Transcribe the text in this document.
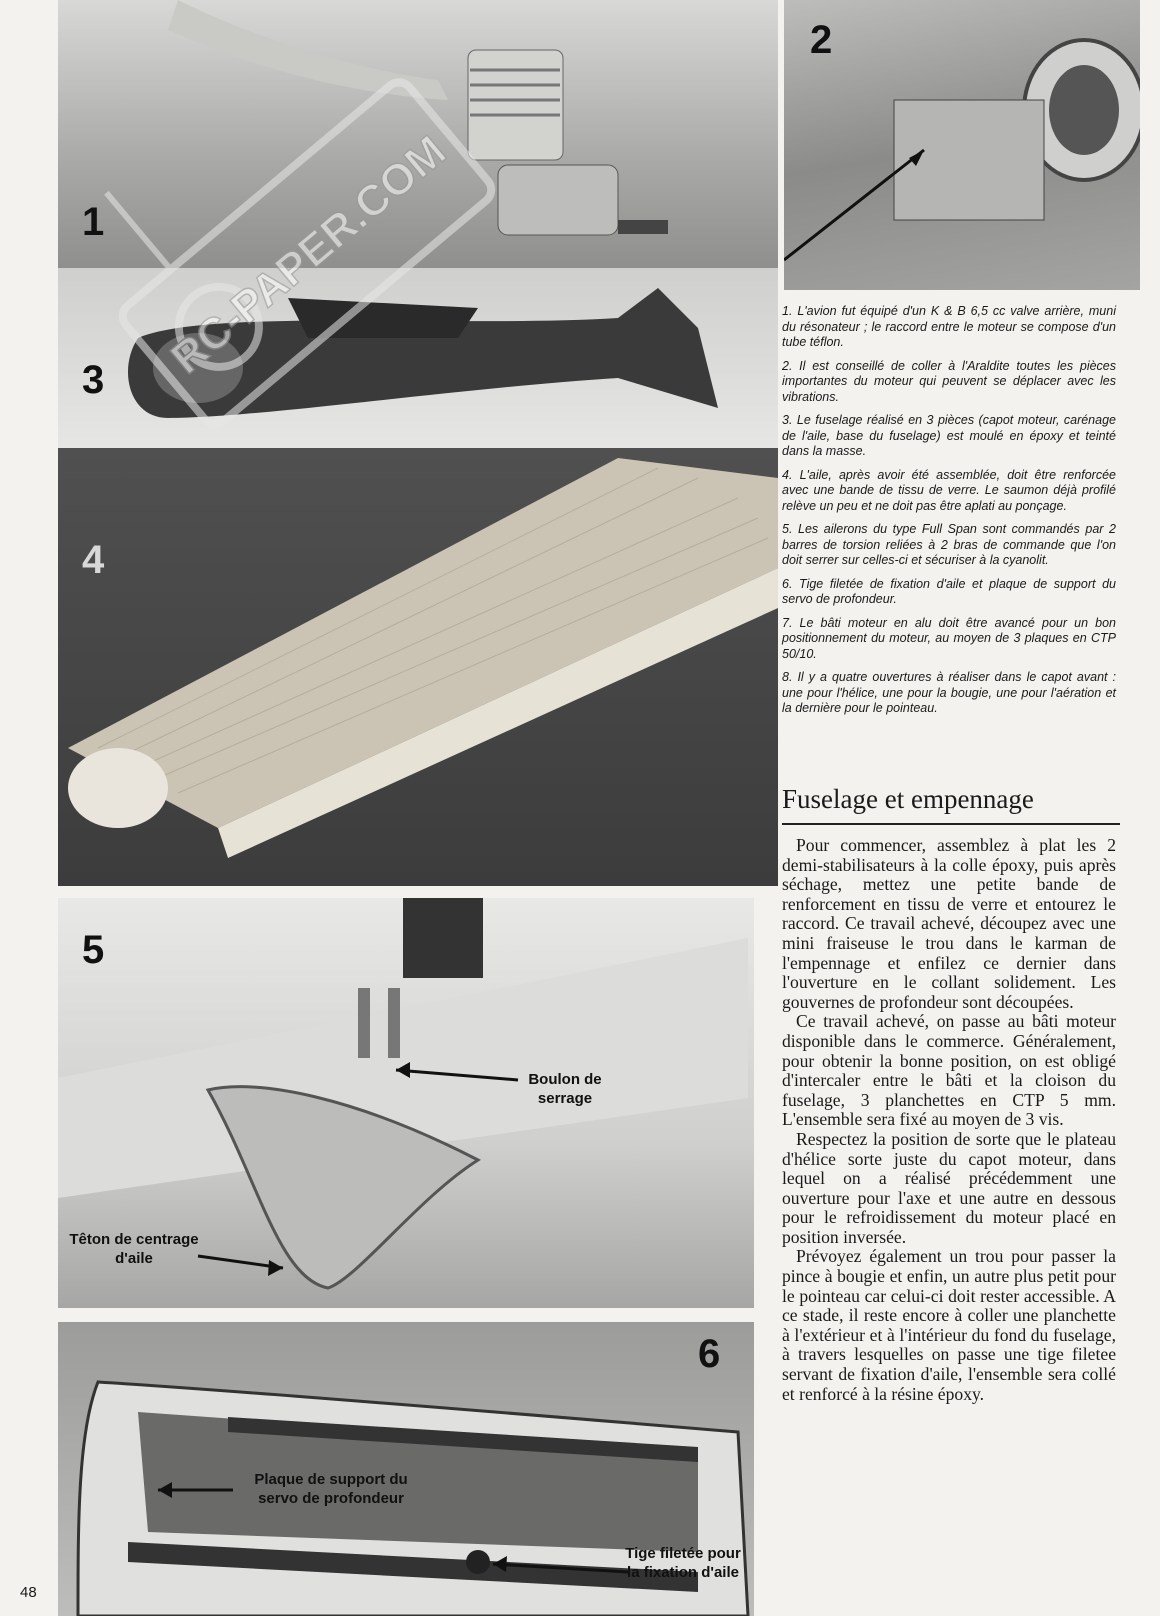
1
2
3
4
5
Boulon de serrage
Têton de centrage d'aile
6
Plaque de support du servo de profondeur
Tige filetée pour la fixation d'aile
RC-PAPER.COM	1. L'avion fut équipé d'un K & B 6,5 cc valve arrière, muni du résonateur ; le raccord entre le moteur se compose d'un tube téflon.

2. Il est conseillé de coller à l'Araldite toutes les pièces importantes du moteur qui peuvent se déplacer avec les vibrations.

3. Le fuselage réalisé en 3 pièces (capot moteur, carénage de l'aile, base du fuselage) est moulé en époxy et teinté dans la masse.

4. L'aile, après avoir été assemblée, doit être renforcée avec une bande de tissu de verre. Le saumon déjà profilé relève un peu et ne doit pas être aplati au ponçage.

5. Les ailerons du type Full Span sont commandés par 2 barres de torsion reliées à 2 bras de commande que l'on doit serrer sur celles-ci et sécuriser à la cyanolit.

6. Tige filetée de fixation d'aile et plaque de support du servo de profondeur.

7. Le bâti moteur en alu doit être avancé pour un bon positionnement du moteur, au moyen de 3 plaques en CTP 50/10.

8. Il y a quatre ouvertures à réaliser dans le capot avant : une pour l'hélice, une pour la bougie, une pour l'aération et la dernière pour le pointeau.

Fuselage et empennage

Pour commencer, assemblez à plat les 2 demi-stabilisateurs à la colle époxy, puis après séchage, mettez une petite bande de renforcement en tissu de verre et entourez le raccord. Ce travail achevé, découpez avec une mini fraiseuse le trou dans le karman de l'empennage et enfilez ce dernier dans l'ouverture en le collant solidement. Les gouvernes de profondeur sont découpées.

Ce travail achevé, on passe au bâti moteur disponible dans le commerce. Généralement, pour obtenir la bonne position, on est obligé d'intercaler entre le bâti et la cloison du fuselage, 3 planchettes en CTP 5 mm. L'ensemble sera fixé au moyen de 3 vis.

Respectez la position de sorte que le plateau d'hélice sorte juste du capot moteur, dans lequel on a réalisé précédemment une ouverture pour l'axe et une autre en dessous pour le refroidissement du moteur placé en position inversée.

Prévoyez également un trou pour passer la pince à bougie et enfin, un autre plus petit pour le pointeau car celui-ci doit rester accessible. A ce stade, il reste encore à coller une planchette à l'extérieur et à l'intérieur du fond du fuselage, à travers lesquelles on passe une tige filetee servant de fixation d'aile, l'ensemble sera collé et renforcé à la résine époxy.

48
